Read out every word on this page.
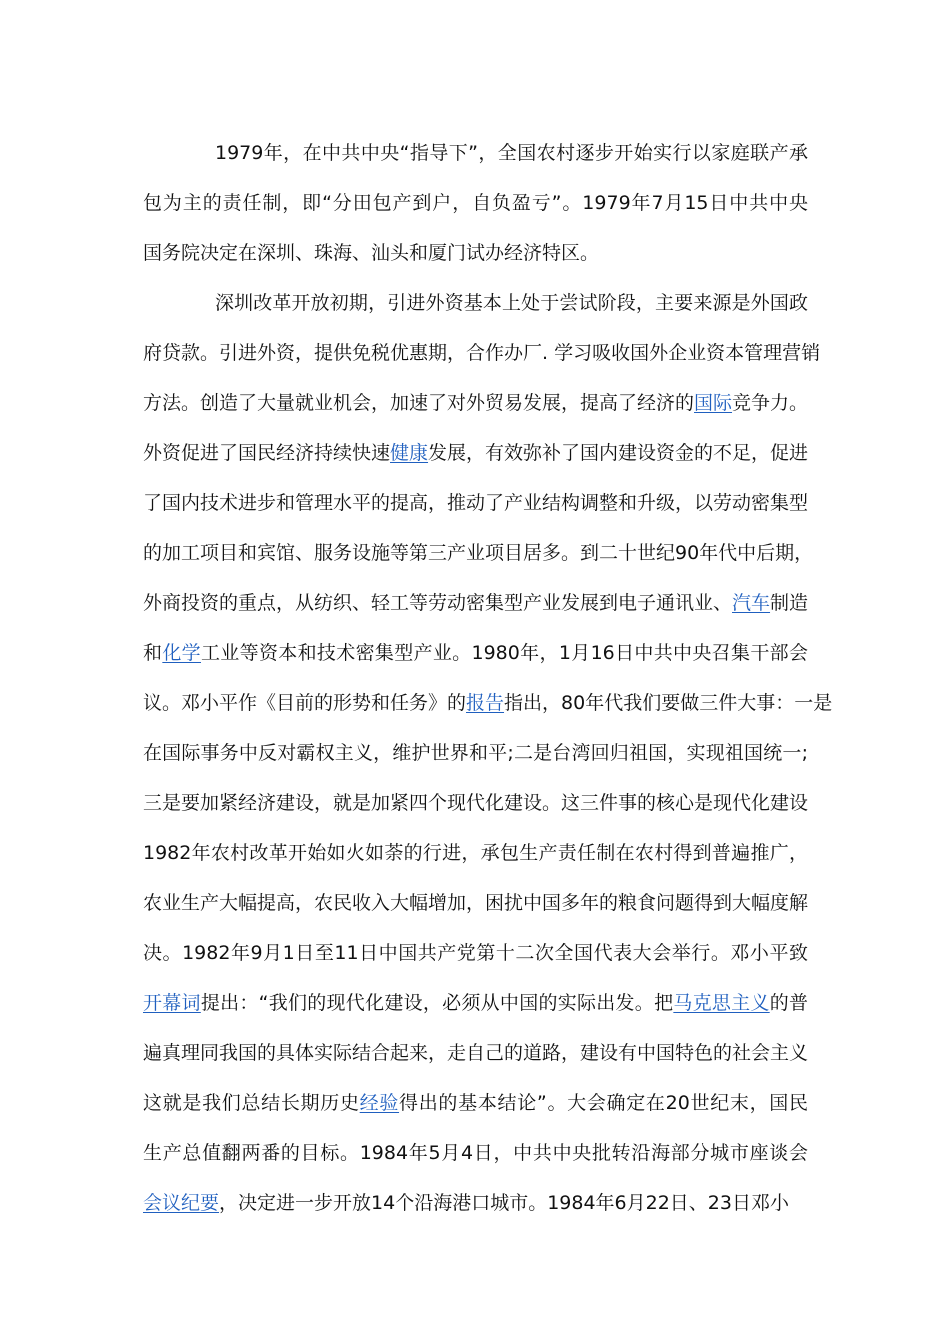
1979年，在中共中央“指导下”，全国农村逐步开始实行以家庭联产承
包为主的责任制，即“分田包产到户，自负盈亏”。1979年7月15日中共中央
国务院决定在深圳、珠海、汕头和厦门试办经济特区。
深圳改革开放初期，引进外资基本上处于尝试阶段，主要来源是外国政
府贷款。引进外资，提供免税优惠期，合作办厂. 学习吸收国外企业资本管理营销
方法。创造了大量就业机会，加速了对外贸易发展，提高了经济的国际竞争力。
外资促进了国民经济持续快速健康发展，有效弥补了国内建设资金的不足，促进
了国内技术进步和管理水平的提高，推动了产业结构调整和升级，以劳动密集型
的加工项目和宾馆、服务设施等第三产业项目居多。到二十世纪90年代中后期，
外商投资的重点，从纺织、轻工等劳动密集型产业发展到电子通讯业、汽车制造
和化学工业等资本和技术密集型产业。1980年，1月16日中共中央召集干部会
议。邓小平作《目前的形势和任务》的报告指出，80年代我们要做三件大事：一是
在国际事务中反对霸权主义，维护世界和平;二是台湾回归祖国，实现祖国统一;
三是要加紧经济建设，就是加紧四个现代化建设。这三件事的核心是现代化建设
1982年农村改革开始如火如荼的行进，承包生产责任制在农村得到普遍推广，
农业生产大幅提高，农民收入大幅增加，困扰中国多年的粮食问题得到大幅度解
决。1982年9月1日至11日中国共产党第十二次全国代表大会举行。邓小平致
开幕词提出：“我们的现代化建设，必须从中国的实际出发。把马克思主义的普
遍真理同我国的具体实际结合起来，走自己的道路，建设有中国特色的社会主义
这就是我们总结长期历史经验得出的基本结论”。大会确定在20世纪末，国民
生产总值翻两番的目标。1984年5月4日，中共中央批转沿海部分城市座谈会
会议纪要，决定进一步开放14个沿海港口城市。1984年6月22日、23日邓小
